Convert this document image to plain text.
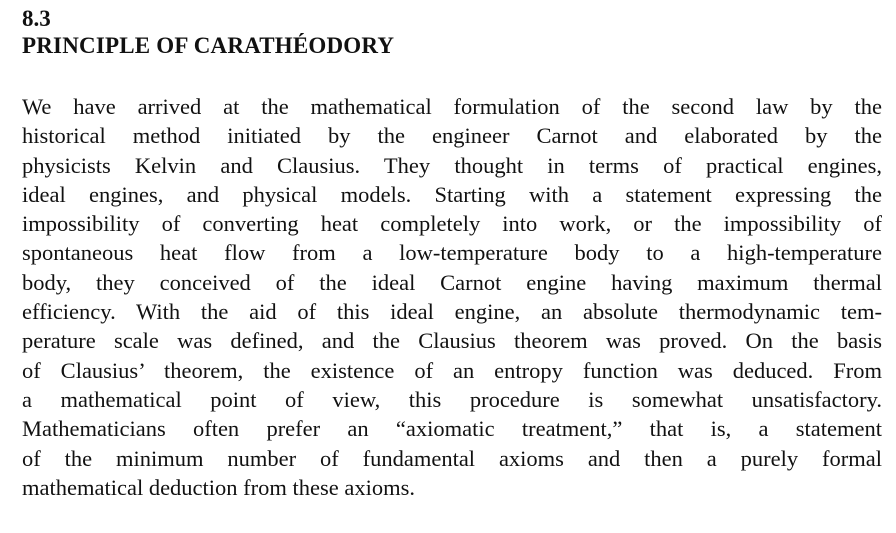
8.3
PRINCIPLE OF CARATHÉODORY
We have arrived at the mathematical formulation of the second law by the
historical method initiated by the engineer Carnot and elaborated by the
physicists Kelvin and Clausius. They thought in terms of practical engines,
ideal engines, and physical models. Starting with a statement expressing the
impossibility of converting heat completely into work, or the impossibility of
spontaneous heat flow from a low-temperature body to a high-temperature
body, they conceived of the ideal Carnot engine having maximum thermal
efficiency. With the aid of this ideal engine, an absolute thermodynamic tem-
perature scale was defined, and the Clausius theorem was proved. On the basis
of Clausius’ theorem, the existence of an entropy function was deduced. From
a mathematical point of view, this procedure is somewhat unsatisfactory.
Mathematicians often prefer an “axiomatic treatment,” that is, a statement
of the minimum number of fundamental axioms and then a purely formal
mathematical deduction from these axioms.
